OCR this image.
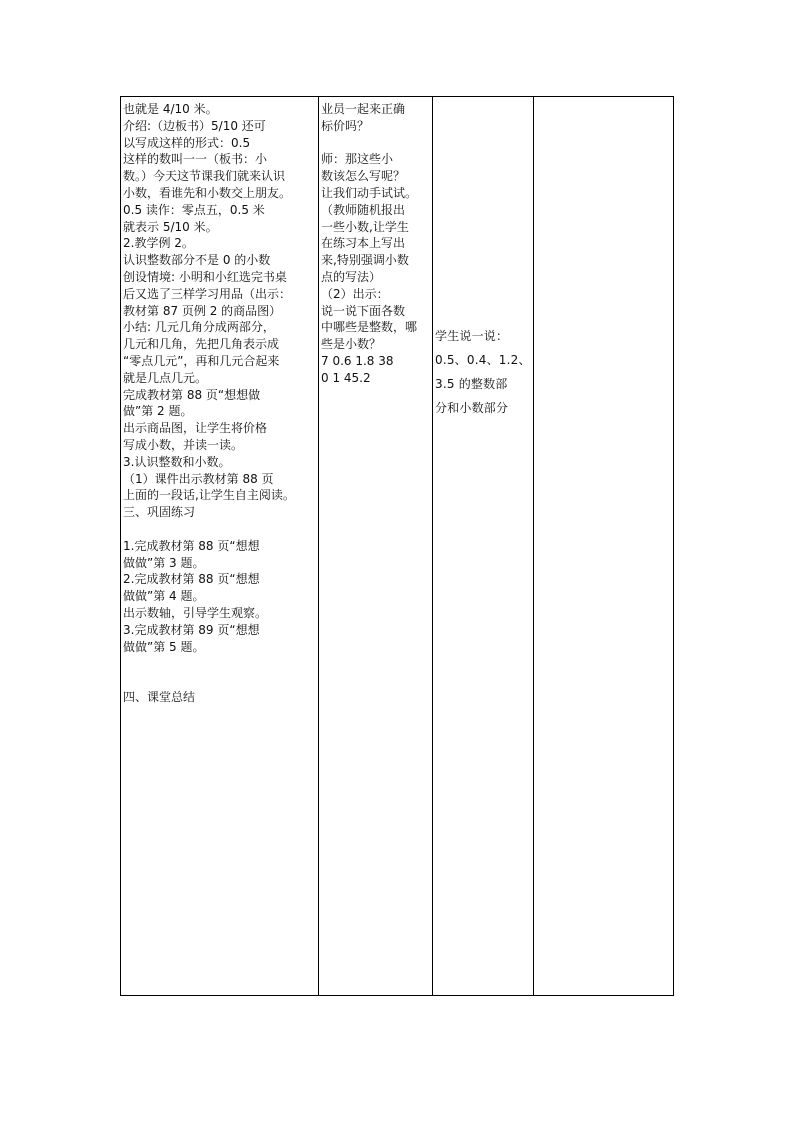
也就是 4/10 米。
介绍:（边板书）5/10 还可
以写成这样的形式：0.5
这样的数叫一一（板书：小
数。）今天这节课我们就来认识
小数，看谁先和小数交上朋友。
0.5 读作：零点五，0.5 米
就表示 5/10 米。
2.教学例 2。
认识整数部分不是 0 的小数
创设情境: 小明和小红选完书桌
后又选了三样学习用品（出示：
教材第 87 页例 2 的商品图）
小结: 几元几角分成两部分，
几元和几角，先把几角表示成
“零点几元”，再和几元合起来
就是几点几元。
完成教材第 88 页“想想做
做”第 2 题。
出示商品图，让学生将价格
写成小数，并读一读。
3.认识整数和小数。
（1）课件出示教材第 88 页
上面的一段话,让学生自主阅读。
三、巩固练习
1.完成教材第 88 页“想想
做做”第 3 题。
2.完成教材第 88 页“想想
做做”第 4 题。
出示数轴，引导学生观察。
3.完成教材第 89 页“想想
做做”第 5 题。
四、课堂总结
业员一起来正确
标价吗？
师：那这些小
数该怎么写呢？
让我们动手试试。
（教师随机报出
一些小数,让学生
在练习本上写出
来,特别强调小数
点的写法）
（2）出示：
说一说下面各数
中哪些是整数，哪
些是小数？
7 0.6 1.8 38
0 1 45.2
学生说一说：
0.5、0.4、1.2、
3.5 的整数部
分和小数部分
